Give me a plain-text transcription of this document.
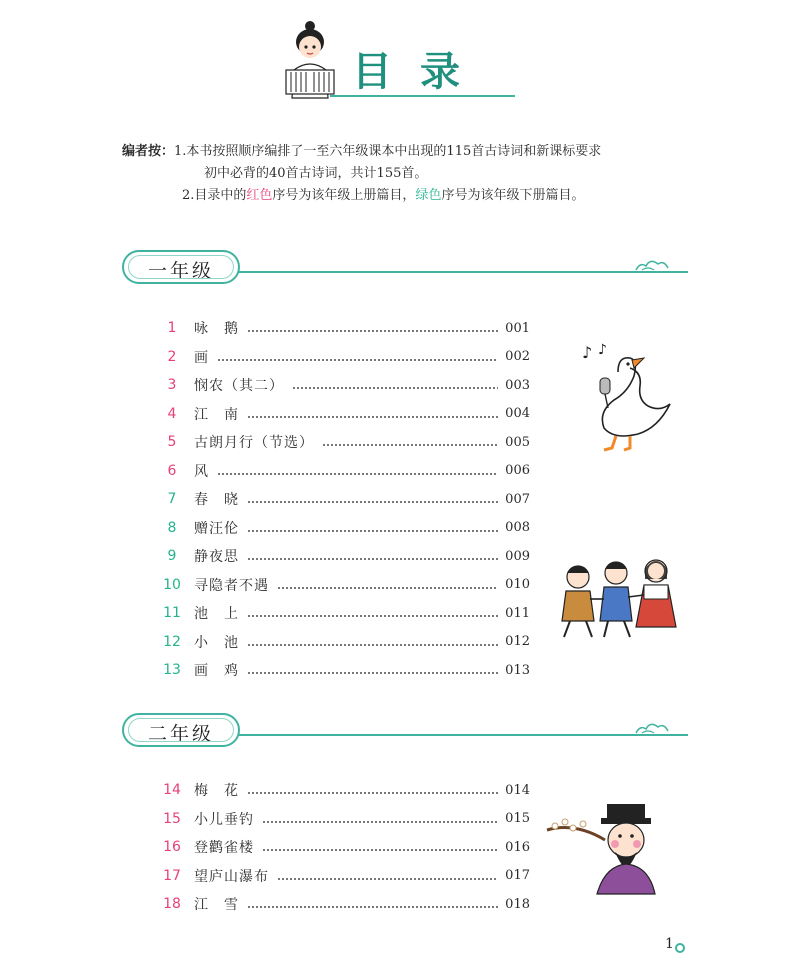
目录
编者按：1.本书按照顺序编排了一至六年级课本中出现的115首古诗词和新课标要求
初中必背的40首古诗词，共计155首。
2.目录中的红色序号为该年级上册篇目，绿色序号为该年级下册篇目。
一年级
1	咏　鹅	001
2	画	002
3	悯农（其二）	003
4	江　南	004
5	古朗月行（节选）	005
6	风	006
7	春　晓	007
8	赠汪伦	008
9	静夜思	009
10 寻隐者不遇	010
11 池　上	011
12 小　池	012
13 画　鸡	013
二年级
14 梅　花	014
15 小儿垂钓	015
16 登鹳雀楼	016
17 望庐山瀑布	017
18 江　雪	018
♪ ♪
1
